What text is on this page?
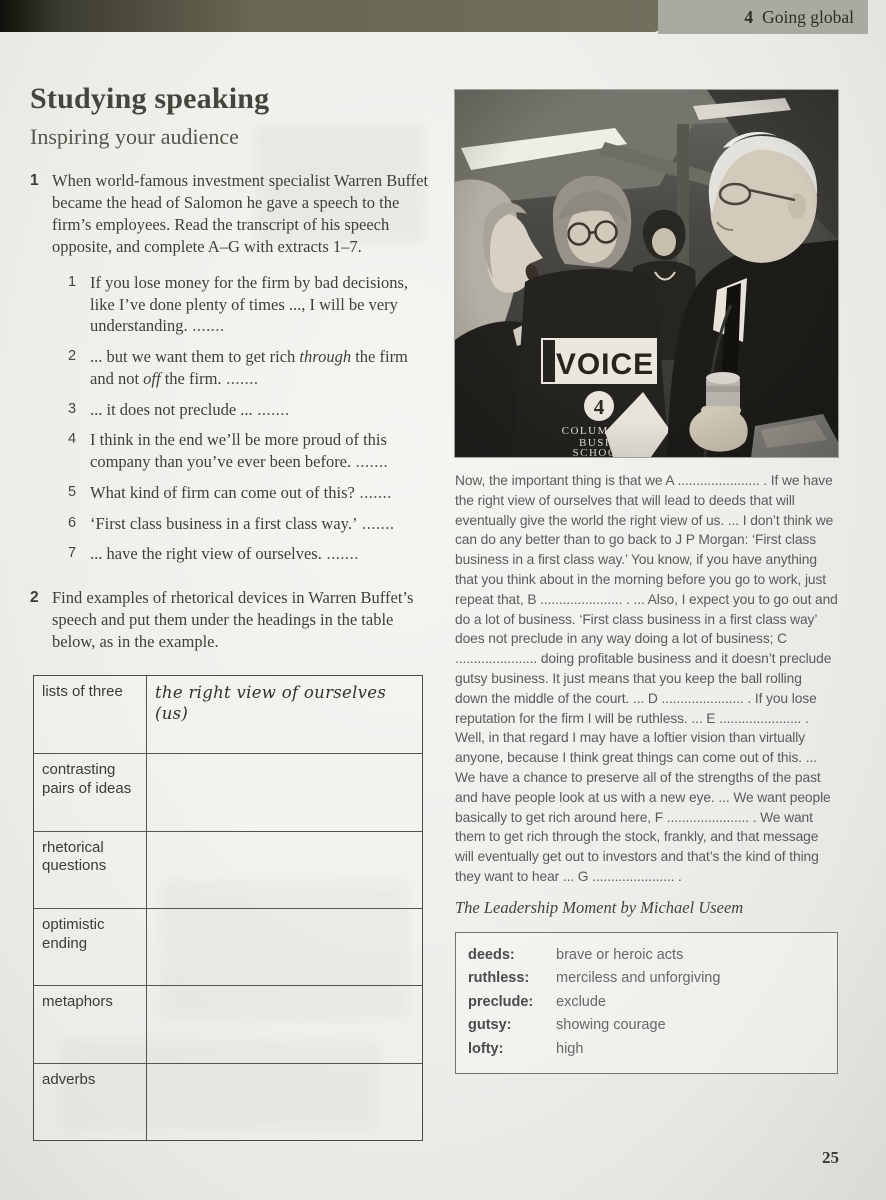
4 Going global
Studying speaking
Inspiring your audience
1 When world-famous investment specialist Warren Buffet became the head of Salomon he gave a speech to the firm’s employees. Read the transcript of his speech opposite, and complete A–G with extracts 1–7.
1 If you lose money for the firm by bad decisions, like I’ve done plenty of times ..., I will be very understanding. .......
2 ... but we want them to get rich through the firm and not off the firm. .......
3 ... it does not preclude ... .......
4 I think in the end we’ll be more proud of this company than you’ve ever been before. .......
5 What kind of firm can come out of this? .......
6 ‘First class business in a first class way.’ .......
7 ... have the right view of ourselves. .......
2 Find examples of rhetorical devices in Warren Buffet’s speech and put them under the headings in the table below, as in the example.
lists of three	the right view of ourselves (us)
contrasting pairs of ideas
rhetorical questions
optimistic ending
metaphors
adverbs
Now, the important thing is that we A ...................... . If we have the right view of ourselves that will lead to deeds that will eventually give the world the right view of us. ... I don’t think we can do any better than to go back to J P Morgan: ‘First class business in a first class way.’ You know, if you have anything that you think about in the morning before you go to work, just repeat that, B ...................... . ... Also, I expect you to go out and do a lot of business. ‘First class business in a first class way’ does not preclude in any way doing a lot of business; C ...................... doing profitable business and it doesn’t preclude gutsy business. It just means that you keep the ball rolling down the middle of the court. ... D ...................... . If you lose reputation for the firm I will be ruthless. ... E ...................... . Well, in that regard I may have a loftier vision than virtually anyone, because I think great things can come out of this. ... We have a chance to preserve all of the strengths of the past and have people look at us with a new eye. ... We want people basically to get rich around here, F ...................... . We want them to get rich through the stock, frankly, and that message will eventually get out to investors and that’s the kind of thing they want to hear ... G ...................... .
The Leadership Moment by Michael Useem
deeds:	brave or heroic acts
ruthless:	merciless and unforgiving
preclude:	exclude
gutsy:	showing courage
lofty:	high
25
